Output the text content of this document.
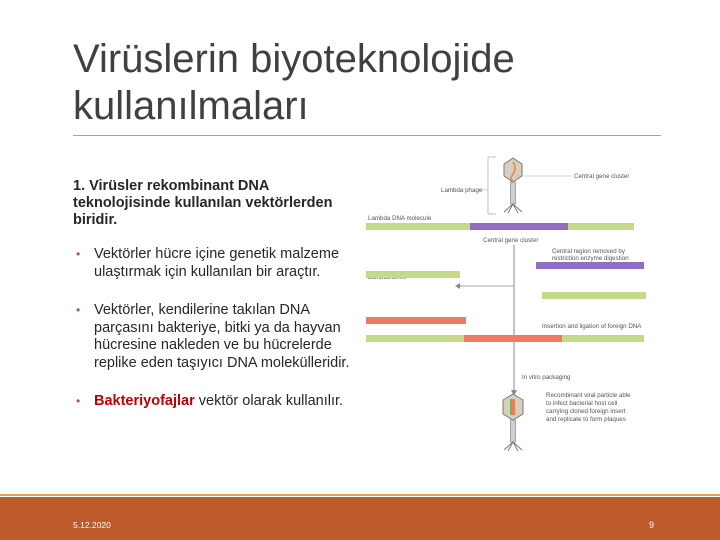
Virüslerin biyoteknolojide
kullanılmaları
1. Virüsler rekombinant DNA teknolojisinde kullanılan vektörlerden biridir.
• Vektörler hücre içine genetik malzeme ulaştırmak için kullanılan bir araçtır.
• Vektörler, kendilerine takılan DNA parçasını bakteriye, bitki ya da hayvan hücresine nakleden ve bu hücrelerde replike eden taşıyıcı DNA molekülleridir.
• Bakteriyofajlar vektör olarak kullanılır.
Central gene cluster
Lambda phage
Lambda DNA molecule
Central gene cluster
Central region removed by
restriction enzyme digestion
Insertion and ligation of foreign DNA
In vitro packaging
Recombinant viral particle able
to infect bacterial host cell
carrying cloned foreign insert
and replicate to form plaques
5.12.2020	9
